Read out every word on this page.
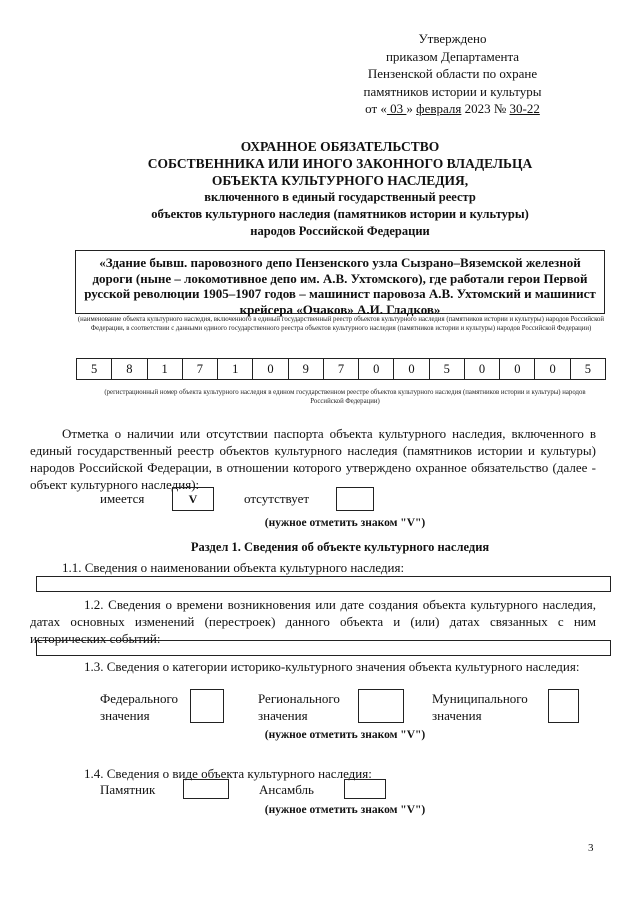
Утверждено
приказом Департамента
Пензенской области по охране
памятников истории и культуры
от « 03 » февраля 2023 № 30-22
ОХРАННОЕ ОБЯЗАТЕЛЬСТВО
СОБСТВЕННИКА ИЛИ ИНОГО ЗАКОННОГО ВЛАДЕЛЬЦА
ОБЪЕКТА КУЛЬТУРНОГО НАСЛЕДИЯ,
включенного в единый государственный реестр
объектов культурного наследия (памятников истории и культуры)
народов Российской Федерации
«Здание бывш. паровозного депо Пензенского узла Сызрано–Вяземской железной дороги (ныне – локомотивное депо им. А.В. Ухтомского), где работали герои Первой русской революции 1905–1907 годов – машинист паровоза А.В. Ухтомский и машинист крейсера «Очаков» А.И. Гладков»
(наименование объекта культурного наследия, включенного в единый государственный реестр объектов культурного наследия (памятников истории и культуры) народов Российской Федерации, в соответствии с данными единого государственного реестра объектов культурного наследия (памятников истории и культуры) народов Российской Федерации)
5	8	1	7	1	0	9	7	0	0	5	0	0	0	5
(регистрационный номер объекта культурного наследия в едином государственном реестре объектов культурного наследия (памятников истории и культуры) народов Российской Федерации)
Отметка о наличии или отсутствии паспорта объекта культурного наследия, включенного в единый государственный реестр объектов культурного наследия (памятников истории и культуры) народов Российской Федерации, в отношении которого утверждено охранное обязательство (далее - объект культурного наследия):
имеется	V	отсутствует
(нужное отметить знаком "V")
Раздел 1. Сведения об объекте культурного наследия
1.1. Сведения о наименовании объекта культурного наследия:
1.2. Сведения о времени возникновения или дате создания объекта культурного наследия, датах основных изменений (перестроек) данного объекта и (или) датах связанных с ним исторических событий:
1.3. Сведения о категории историко-культурного значения объекта культурного наследия:
Федерального
значения
Регионального
значения
Муниципального
значения
(нужное отметить знаком "V")
1.4. Сведения о виде объекта культурного наследия:
Памятник	Ансамбль
(нужное отметить знаком "V")
3
